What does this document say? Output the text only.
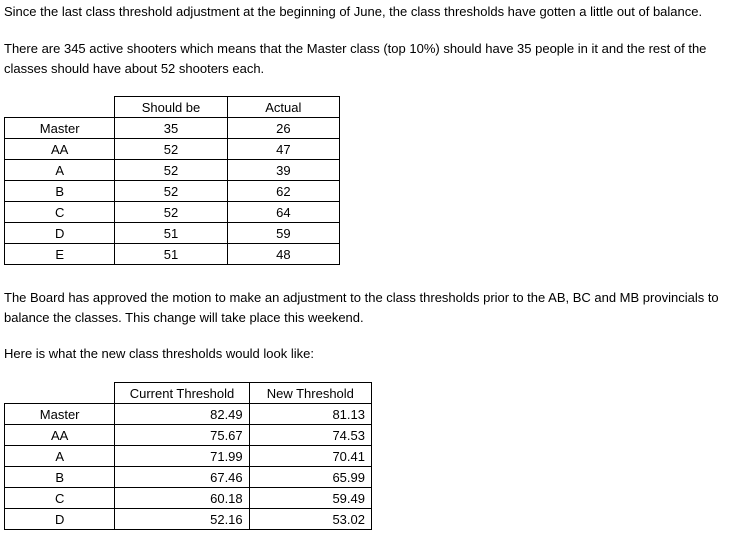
Since the last class threshold adjustment at the beginning of June, the class thresholds have gotten a little out of balance.

There are 345 active shooters which means that the Master class (top 10%) should have 35 people in it and the rest of the classes should have about 52 shooters each.

	Should be	Actual
Master	35	26
AA	52	47
A	52	39
B	52	62
C	52	64
D	51	59
E	51	48

The Board has approved the motion to make an adjustment to the class thresholds prior to the AB, BC and MB provincials to balance the classes. This change will take place this weekend.

Here is what the new class thresholds would look like:

	Current Threshold	New Threshold
Master	82.49	81.13
AA	75.67	74.53
A	71.99	70.41
B	67.46	65.99
C	60.18	59.49
D	52.16	53.02
